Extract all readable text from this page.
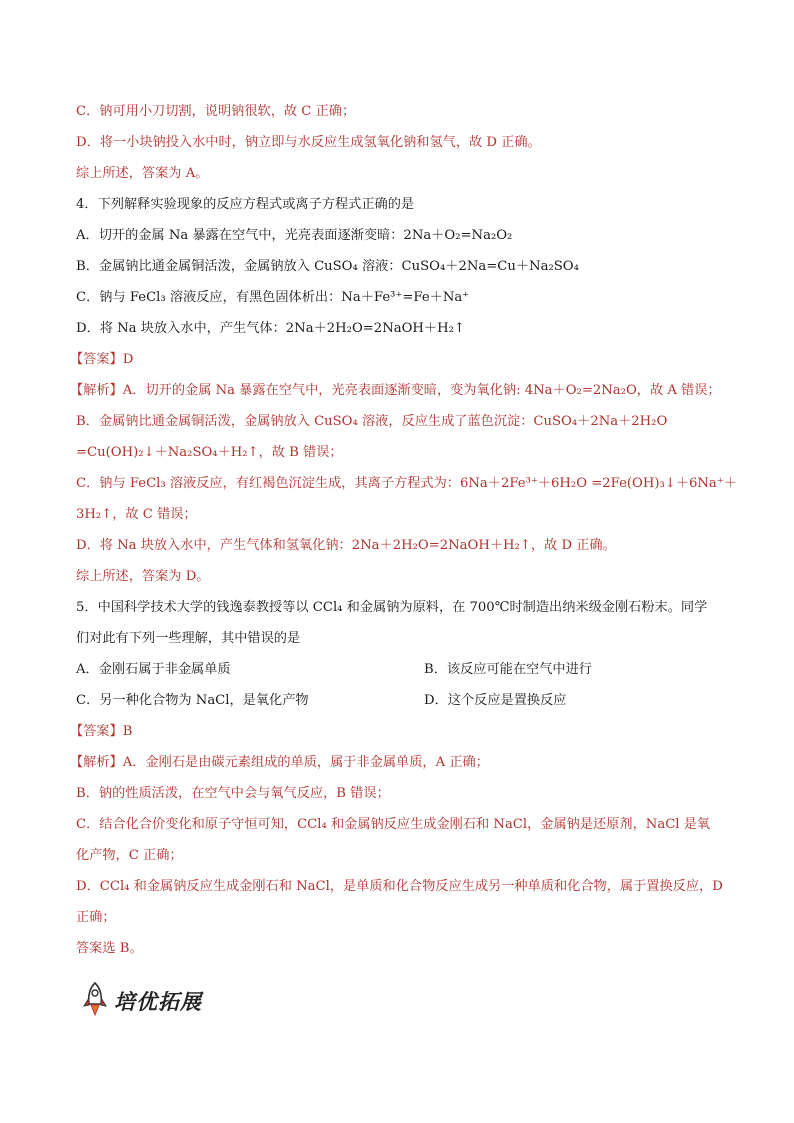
C．钠可用小刀切割，说明钠很软，故 C 正确；
D．将一小块钠投入水中时，钠立即与水反应生成氢氧化钠和氢气，故 D 正确。
综上所述，答案为 A。
4．下列解释实验现象的反应方程式或离子方程式正确的是
A．切开的金属 Na 暴露在空气中，光亮表面逐渐变暗：2Na＋O₂=Na₂O₂
B．金属钠比通金属铜活泼，金属钠放入 CuSO₄ 溶液：CuSO₄＋2Na=Cu＋Na₂SO₄
C．钠与 FeCl₃ 溶液反应，有黑色固体析出：Na＋Fe³⁺=Fe＋Na⁺
D．将 Na 块放入水中，产生气体：2Na＋2H₂O=2NaOH＋H₂↑
【答案】D
【解析】A．切开的金属 Na 暴露在空气中，光亮表面逐渐变暗，变为氧化钠: 4Na＋O₂=2Na₂O，故 A 错误；
B．金属钠比通金属铜活泼，金属钠放入 CuSO₄ 溶液，反应生成了蓝色沉淀：CuSO₄＋2Na＋2H₂O
=Cu(OH)₂↓＋Na₂SO₄＋H₂↑，故 B 错误；
C．钠与 FeCl₃ 溶液反应，有红褐色沉淀生成，其离子方程式为：6Na＋2Fe³⁺＋6H₂O =2Fe(OH)₃↓＋6Na⁺＋
3H₂↑，故 C 错误；
D．将 Na 块放入水中，产生气体和氢氧化钠：2Na＋2H₂O=2NaOH＋H₂↑，故 D 正确。
综上所述，答案为 D。
5．中国科学技术大学的钱逸泰教授等以 CCl₄ 和金属钠为原料，在 700℃时制造出纳米级金刚石粉末。同学
们对此有下列一些理解，其中错误的是
A．金刚石属于非金属单质	B．该反应可能在空气中进行
C．另一种化合物为 NaCl，是氧化产物	D．这个反应是置换反应
【答案】B
【解析】A．金刚石是由碳元素组成的单质，属于非金属单质，A 正确；
B．钠的性质活泼，在空气中会与氧气反应，B 错误；
C．结合化合价变化和原子守恒可知，CCl₄ 和金属钠反应生成金刚石和 NaCl，金属钠是还原剂，NaCl 是氧
化产物，C 正确；
D．CCl₄ 和金属钠反应生成金刚石和 NaCl，是单质和化合物反应生成另一种单质和化合物，属于置换反应，D
正确；
答案选 B。
培优拓展
